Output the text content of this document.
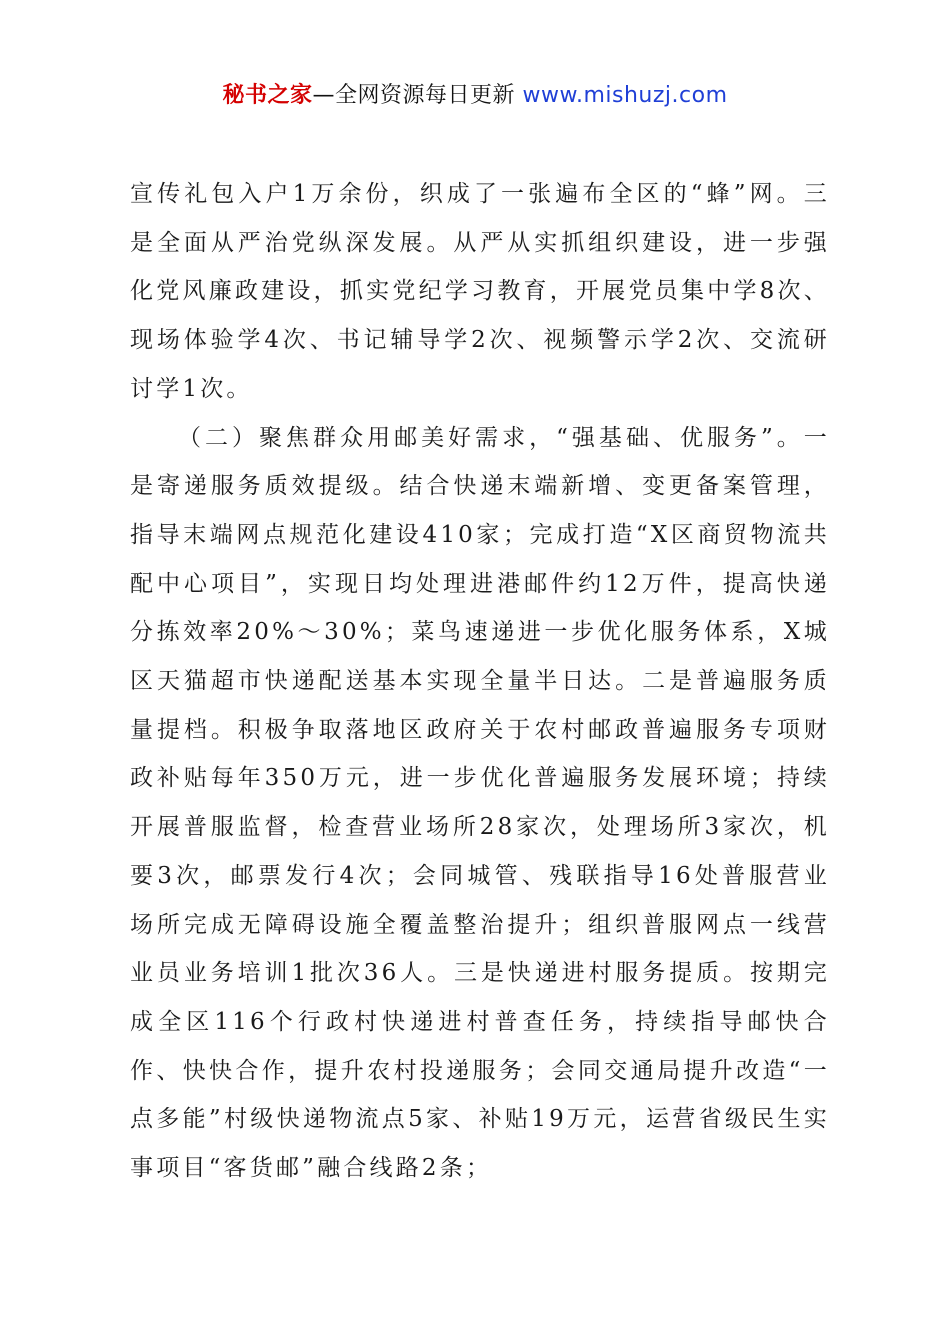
秘书之家—全网资源每日更新 www.mishuzj.com

宣传礼包入户1万余份，织成了一张遍布全区的“蜂”网。三是全面从严治党纵深发展。从严从实抓组织建设，进一步强化党风廉政建设，抓实党纪学习教育，开展党员集中学8次、现场体验学4次、书记辅导学2次、视频警示学2次、交流研讨学1次。

（二）聚焦群众用邮美好需求，“强基础、优服务”。一是寄递服务质效提级。结合快递末端新增、变更备案管理，指导末端网点规范化建设410家；完成打造“X区商贸物流共配中心项目”，实现日均处理进港邮件约12万件，提高快递分拣效率20%～30%；菜鸟速递进一步优化服务体系，X城区天猫超市快递配送基本实现全量半日达。二是普遍服务质量提档。积极争取落地区政府关于农村邮政普遍服务专项财政补贴每年350万元，进一步优化普遍服务发展环境；持续开展普服监督，检查营业场所28家次，处理场所3家次，机要3次，邮票发行4次；会同城管、残联指导16处普服营业场所完成无障碍设施全覆盖整治提升；组织普服网点一线营业员业务培训1批次36人。三是快递进村服务提质。按期完成全区116个行政村快递进村普查任务，持续指导邮快合作、快快合作，提升农村投递服务；会同交通局提升改造“一点多能”村级快递物流点5家、补贴19万元，运营省级民生实事项目“客货邮”融合线路2条；
